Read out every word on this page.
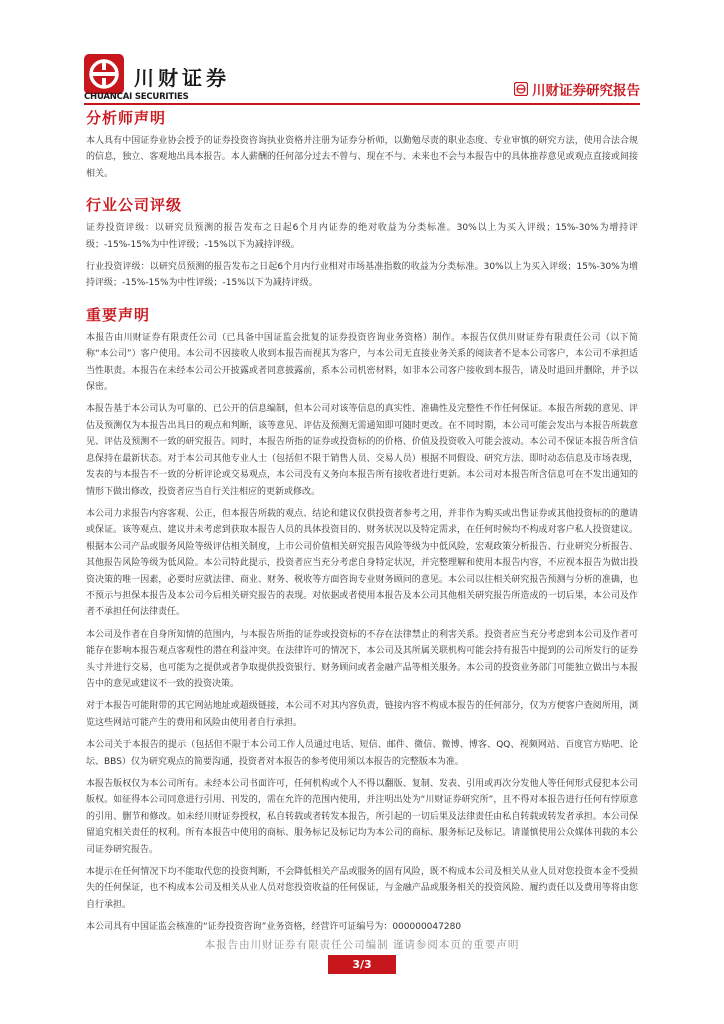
川财证券
CHUANCAI SECURITIES	川财证券研究报告
分析师声明

本人具有中国证券业协会授予的证券投资咨询执业资格并注册为证券分析师，以勤勉尽责的职业态度、专业审慎的研究方法，使用合法合规的信息，独立、客观地出具本报告。本人薪酬的任何部分过去不曾与、现在不与、未来也不会与本报告中的具体推荐意见或观点直接或间接相关。

行业公司评级

证券投资评级：以研究员预测的报告发布之日起6个月内证券的绝对收益为分类标准。30%以上为买入评级；15%-30%为增持评级；-15%-15%为中性评级；-15%以下为减持评级。

行业投资评级：以研究员预测的报告发布之日起6个月内行业相对市场基准指数的收益为分类标准。30%以上为买入评级；15%-30%为增持评级；-15%-15%为中性评级；-15%以下为减持评级。

重要声明

本报告由川财证券有限责任公司（已具备中国证监会批复的证券投资咨询业务资格）制作。本报告仅供川财证券有限责任公司（以下简称“本公司”）客户使用。本公司不因接收人收到本报告而视其为客户，与本公司无直接业务关系的阅读者不是本公司客户，本公司不承担适当性职责。本报告在未经本公司公开披露或者同意披露前，系本公司机密材料，如非本公司客户接收到本报告，请及时退回并删除，并予以保密。

本报告基于本公司认为可靠的、已公开的信息编制，但本公司对该等信息的真实性、准确性及完整性不作任何保证。本报告所载的意见、评估及预测仅为本报告出具日的观点和判断，该等意见、评估及预测无需通知即可随时更改。在不同时期，本公司可能会发出与本报告所载意见、评估及预测不一致的研究报告。同时，本报告所指的证券或投资标的的价格、价值及投资收入可能会波动。本公司不保证本报告所含信息保持在最新状态。对于本公司其他专业人士（包括但不限于销售人员、交易人员）根据不同假设、研究方法、即时动态信息及市场表现，发表的与本报告不一致的分析评论或交易观点，本公司没有义务向本报告所有接收者进行更新。本公司对本报告所含信息可在不发出通知的情形下做出修改，投资者应当自行关注相应的更新或修改。

本公司力求报告内容客观、公正，但本报告所载的观点、结论和建议仅供投资者参考之用，并非作为购买或出售证券或其他投资标的的邀请或保证。该等观点、建议并未考虑到获取本报告人员的具体投资目的、财务状况以及特定需求，在任何时候均不构成对客户私人投资建议。根据本公司产品或服务风险等级评估相关制度，上市公司价值相关研究报告风险等级为中低风险，宏观政策分析报告、行业研究分析报告、其他报告风险等级为低风险。本公司特此提示，投资者应当充分考虑自身特定状况，并完整理解和使用本报告内容，不应视本报告为做出投资决策的唯一因素，必要时应就法律、商业、财务、税收等方面咨询专业财务顾问的意见。本公司以往相关研究报告预测与分析的准确，也不预示与担保本报告及本公司今后相关研究报告的表现。对依据或者使用本报告及本公司其他相关研究报告所造成的一切后果，本公司及作者不承担任何法律责任。

本公司及作者在自身所知情的范围内，与本报告所指的证券或投资标的不存在法律禁止的利害关系。投资者应当充分考虑到本公司及作者可能存在影响本报告观点客观性的潜在利益冲突。在法律许可的情况下，本公司及其所属关联机构可能会持有报告中提到的公司所发行的证券头寸并进行交易，也可能为之提供或者争取提供投资银行、财务顾问或者金融产品等相关服务。本公司的投资业务部门可能独立做出与本报告中的意见或建议不一致的投资决策。

对于本报告可能附带的其它网站地址或超级链接，本公司不对其内容负责，链接内容不构成本报告的任何部分，仅为方便客户查阅所用，浏览这些网站可能产生的费用和风险由使用者自行承担。

本公司关于本报告的提示（包括但不限于本公司工作人员通过电话、短信、邮件、微信、微博、博客、QQ、视频网站、百度官方贴吧、论坛、BBS）仅为研究观点的简要沟通，投资者对本报告的参考使用须以本报告的完整版本为准。

本报告版权仅为本公司所有。未经本公司书面许可，任何机构或个人不得以翻版、复制、发表、引用或再次分发他人等任何形式侵犯本公司版权。如征得本公司同意进行引用、刊发的，需在允许的范围内使用，并注明出处为“川财证券研究所”，且不得对本报告进行任何有悖原意的引用、删节和修改。如未经川财证券授权，私自转载或者转发本报告，所引起的一切后果及法律责任由私自转载或转发者承担。本公司保留追究相关责任的权利。所有本报告中使用的商标、服务标记及标记均为本公司的商标、服务标记及标记。请谨慎使用公众媒体刊载的本公司证券研究报告。

本提示在任何情况下均不能取代您的投资判断，不会降低相关产品或服务的固有风险，既不构成本公司及相关从业人员对您投资本金不受损失的任何保证，也不构成本公司及相关从业人员对您投资收益的任何保证，与金融产品或服务相关的投资风险、履约责任以及费用等将由您自行承担。

本公司具有中国证监会核准的“证券投资咨询”业务资格，经营许可证编号为：000000047280

本报告由川财证券有限责任公司编制 谨请参阅本页的重要声明
3/3
